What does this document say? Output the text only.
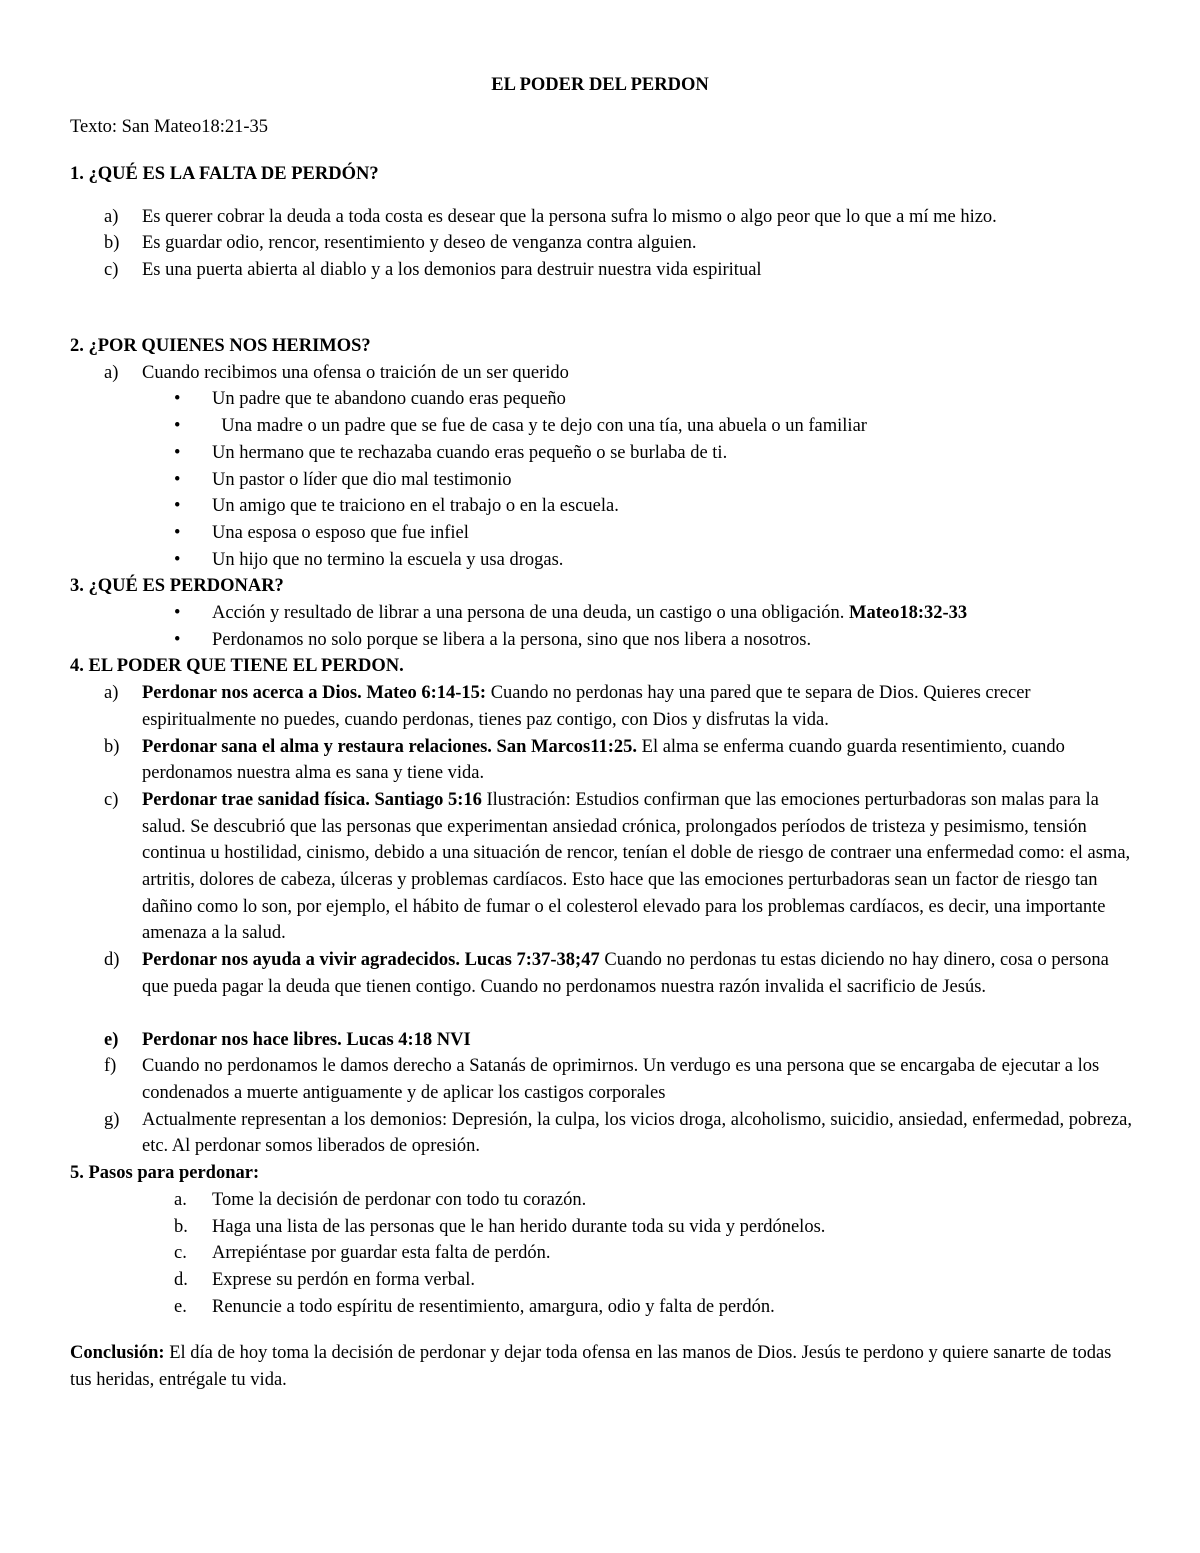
EL PODER DEL PERDON
Texto: San Mateo18:21-35
1. ¿QUÉ ES LA FALTA DE PERDÓN?
a) Es querer cobrar la deuda a toda costa es desear que la persona sufra lo mismo o algo peor que lo que a mí me hizo.
b) Es guardar odio, rencor, resentimiento y deseo de venganza contra alguien.
c) Es una puerta abierta al diablo y a los demonios para destruir nuestra vida espiritual
2. ¿POR QUIENES NOS HERIMOS?
a) Cuando recibimos una ofensa o traición de un ser querido
• Un padre que te abandono cuando eras pequeño
• Una madre o un padre que se fue de casa y te dejo con una tía, una abuela o un familiar
• Un hermano que te rechazaba cuando eras pequeño o se burlaba de ti.
• Un pastor o líder que dio mal testimonio
• Un amigo que te traiciono en el trabajo o en la escuela.
• Una esposa o esposo que fue infiel
• Un hijo que no termino la escuela y usa drogas.
3. ¿QUÉ ES PERDONAR?
• Acción y resultado de librar a una persona de una deuda, un castigo o una obligación. Mateo18:32-33
• Perdonamos no solo porque se libera a la persona, sino que nos libera a nosotros.
4. EL PODER QUE TIENE EL PERDON.
a) Perdonar nos acerca a Dios. Mateo 6:14-15: Cuando no perdonas hay una pared que te separa de Dios. Quieres crecer espiritualmente no puedes, cuando perdonas, tienes paz contigo, con Dios y disfrutas la vida.
b) Perdonar sana el alma y restaura relaciones. San Marcos11:25. El alma se enferma cuando guarda resentimiento, cuando perdonamos nuestra alma es sana y tiene vida.
c) Perdonar trae sanidad física. Santiago 5:16 Ilustración: Estudios confirman que las emociones perturbadoras son malas para la salud. Se descubrió que las personas que experimentan ansiedad crónica, prolongados períodos de tristeza y pesimismo, tensión continua u hostilidad, cinismo, debido a una situación de rencor, tenían el doble de riesgo de contraer una enfermedad como: el asma, artritis, dolores de cabeza, úlceras y problemas cardíacos. Esto hace que las emociones perturbadoras sean un factor de riesgo tan dañino como lo son, por ejemplo, el hábito de fumar o el colesterol elevado para los problemas cardíacos, es decir, una importante amenaza a la salud.
d) Perdonar nos ayuda a vivir agradecidos. Lucas 7:37-38;47 Cuando no perdonas tu estas diciendo no hay dinero, cosa o persona que pueda pagar la deuda que tienen contigo. Cuando no perdonamos nuestra razón invalida el sacrificio de Jesús.
e) Perdonar nos hace libres. Lucas 4:18 NVI
f) Cuando no perdonamos le damos derecho a Satanás de oprimirnos. Un verdugo es una persona que se encargaba de ejecutar a los condenados a muerte antiguamente y de aplicar los castigos corporales
g) Actualmente representan a los demonios: Depresión, la culpa, los vicios droga, alcoholismo, suicidio, ansiedad, enfermedad, pobreza, etc. Al perdonar somos liberados de opresión.
5. Pasos para perdonar:
a. Tome la decisión de perdonar con todo tu corazón.
b. Haga una lista de las personas que le han herido durante toda su vida y perdónelos.
c. Arrepiéntase por guardar esta falta de perdón.
d. Exprese su perdón en forma verbal.
e. Renuncie a todo espíritu de resentimiento, amargura, odio y falta de perdón.
Conclusión: El día de hoy toma la decisión de perdonar y dejar toda ofensa en las manos de Dios. Jesús te perdono y quiere sanarte de todas tus heridas, entrégale tu vida.
